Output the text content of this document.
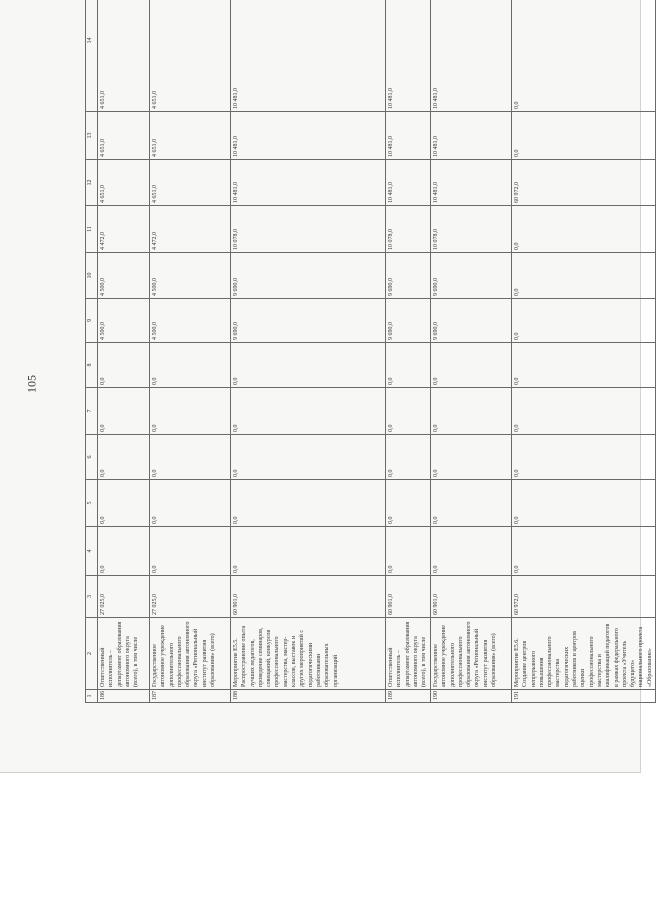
105
1	2	3	4	5	6	7	8	9	10	11	12	13	14
186	Ответственный исполнитель – департамент образования автономного округа (всего), в том числе	27 025,0	0,0	0,0	0,0	0,0	0,0	4 500,0	4 500,0	4 472,0	4 651,0	4 651,0	4 651,0
187	Государственное автономное учреждение дополнительного профессионального образования автономного округа «Региональный институт развития образования» (всего)	27 025,0	0,0	0,0	0,0	0,0	0,0	4 500,0	4 500,0	4 472,0	4 651,0	4 651,0	4 651,0
188	Мероприятие Е5.5. Распространение опыта лучших педагогов, проведение семинаров, совещаний, конкурсов профессионального мастерства, мастер-классов, выставок и других мероприятий с педагогическими работниками образовательных организаций	60 901,0	0,0	0,0	0,0	0,0	0,0	9 690,0	9 690,0	10 078,0	10 481,0	10 481,0	10 481,0
189	Ответственный исполнитель – департамент образования автономного округа (всего), в том числе	60 901,0	0,0	0,0	0,0	0,0	0,0	9 690,0	9 690,0	10 078,0	10 481,0	10 481,0	10 481,0
190	Государственное автономное учреждение дополнительного профессионального образования автономного округа «Региональный институт развития образования» (всего)	60 901,0	0,0	0,0	0,0	0,0	0,0	9 690,0	9 690,0	10 078,0	10 481,0	10 481,0	10 481,0
191	Мероприятие Е5.6. Создание центров непрерывного повышения профессионального мастерства педагогических работников и центров оценки профессионального мастерства и квалификаций педагогов в рамках федерального проекта «Учитель будущего» национального проекта «Образование»	60 972,0	0,0	0,0	0,0	0,0	0,0	0,0	0,0	0,0	60 972,0	0,0	0,0
